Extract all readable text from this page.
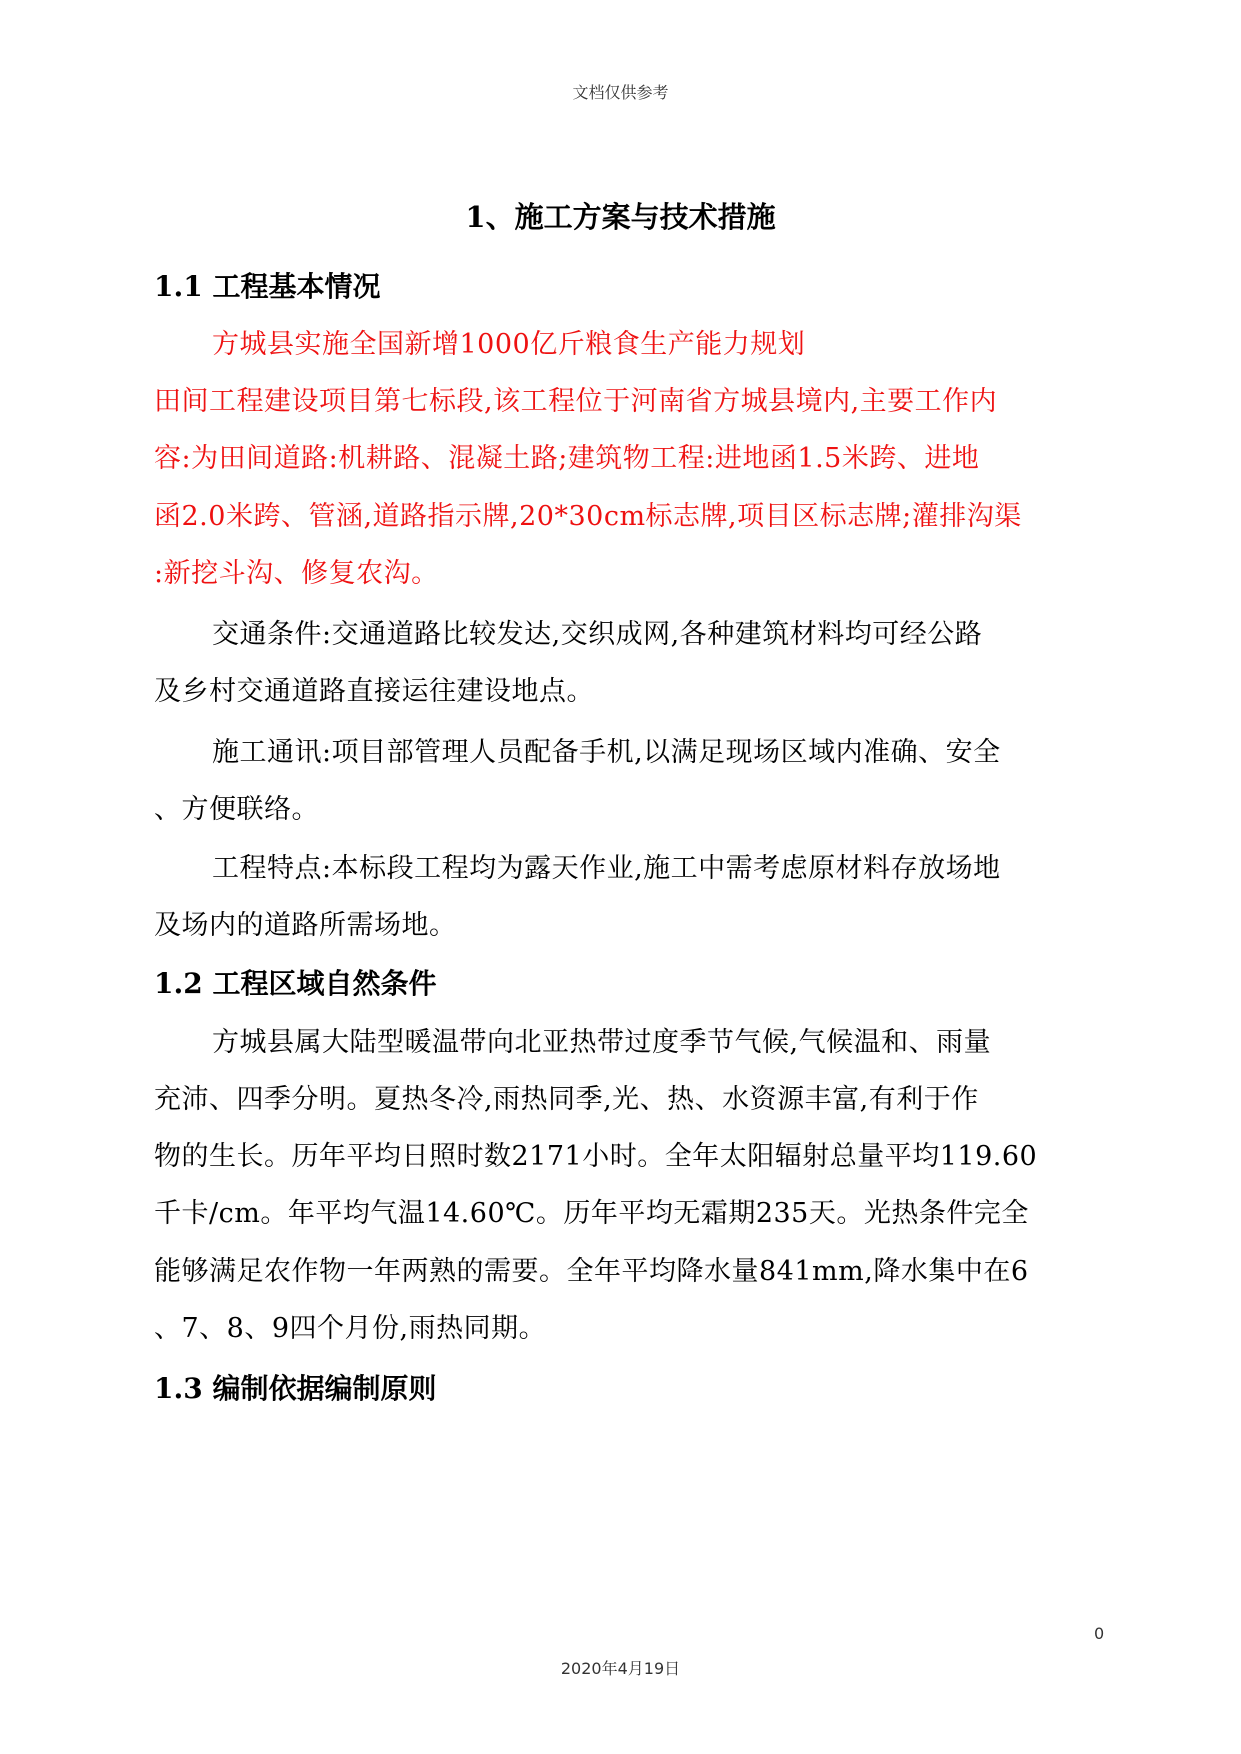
文档仅供参考
1、施工方案与技术措施
1.1 工程基本情况
方城县实施全国新增1000亿斤粮食生产能力规划
田间工程建设项目第七标段,该工程位于河南省方城县境内,主要工作内
容:为田间道路:机耕路、混凝土路;建筑物工程:进地函1.5米跨、进地
函2.0米跨、管涵,道路指示牌,20*30cm标志牌,项目区标志牌;灌排沟渠
:新挖斗沟、修复农沟。
交通条件:交通道路比较发达,交织成网,各种建筑材料均可经公路
及乡村交通道路直接运往建设地点。
施工通讯:项目部管理人员配备手机,以满足现场区域内准确、安全
、方便联络。
工程特点:本标段工程均为露天作业,施工中需考虑原材料存放场地
及场内的道路所需场地。
1.2 工程区域自然条件
方城县属大陆型暖温带向北亚热带过度季节气候,气候温和、雨量
充沛、四季分明。夏热冬冷,雨热同季,光、热、水资源丰富,有利于作
物的生长。历年平均日照时数2171小时。全年太阳辐射总量平均119.60
千卡/cm。年平均气温14.60℃。历年平均无霜期235天。光热条件完全
能够满足农作物一年两熟的需要。全年平均降水量841mm,降水集中在6
、7、8、9四个月份,雨热同期。
1.3 编制依据编制原则
0
2020年4月19日
